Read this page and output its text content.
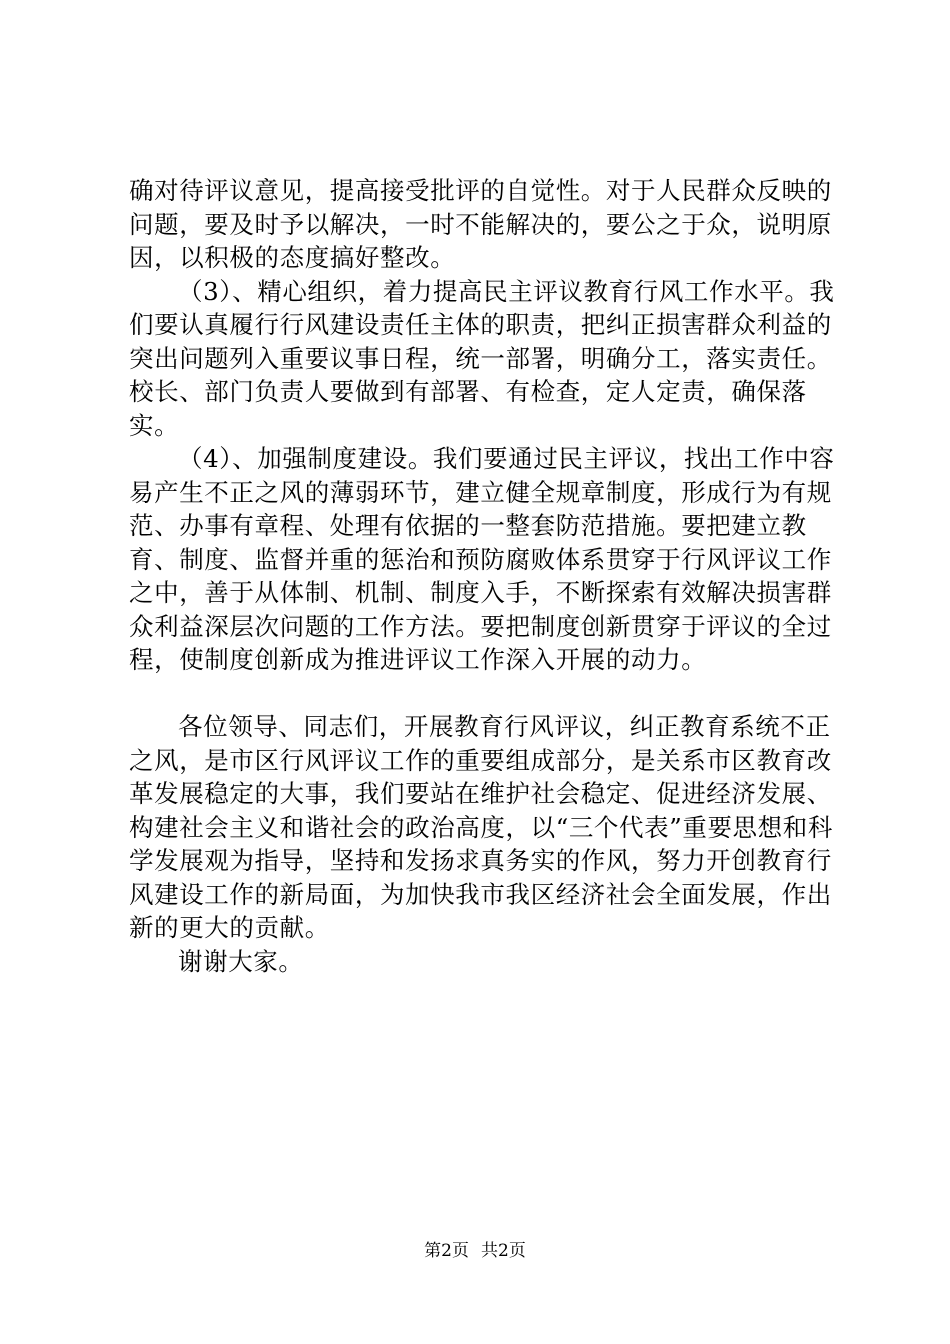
确对待评议意见，提高接受批评的自觉性。对于人民群众反映的问题，要及时予以解决，一时不能解决的，要公之于众，说明原因，以积极的态度搞好整改。

（3）、精心组织，着力提高民主评议教育行风工作水平。我们要认真履行行风建设责任主体的职责，把纠正损害群众利益的突出问题列入重要议事日程，统一部署，明确分工，落实责任。校长、部门负责人要做到有部署、有检查，定人定责，确保落实。

（4）、加强制度建设。我们要通过民主评议，找出工作中容易产生不正之风的薄弱环节，建立健全规章制度，形成行为有规范、办事有章程、处理有依据的一整套防范措施。要把建立教育、制度、监督并重的惩治和预防腐败体系贯穿于行风评议工作之中，善于从体制、机制、制度入手，不断探索有效解决损害群众利益深层次问题的工作方法。要把制度创新贯穿于评议的全过程，使制度创新成为推进评议工作深入开展的动力。

各位领导、同志们，开展教育行风评议，纠正教育系统不正之风，是市区行风评议工作的重要组成部分，是关系市区教育改革发展稳定的大事，我们要站在维护社会稳定、促进经济发展、构建社会主义和谐社会的政治高度，以“三个代表”重要思想和科学发展观为指导，坚持和发扬求真务实的作风，努力开创教育行风建设工作的新局面，为加快我市我区经济社会全面发展，作出新的更大的贡献。

谢谢大家。

第2页 共2页
